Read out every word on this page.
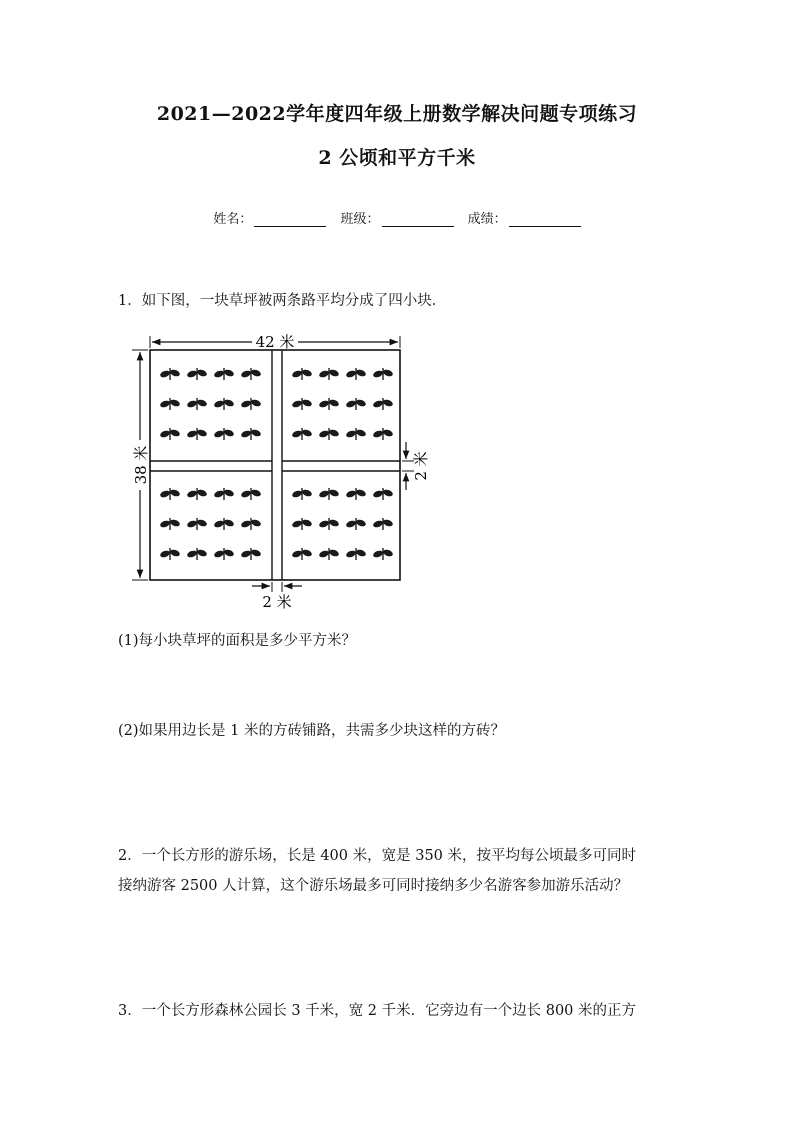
2021—2022学年度四年级上册数学解决问题专项练习
2 公顷和平方千米
姓名：	班级：	成绩：
1．如下图，一块草坪被两条路平均分成了四小块．
42 米
38 米	2 米
2 米
(1)每小块草坪的面积是多少平方米？
(2)如果用边长是 1 米的方砖铺路，共需多少块这样的方砖？
2．一个长方形的游乐场，长是 400 米，宽是 350 米，按平均每公顷最多可同时
接纳游客 2500 人计算，这个游乐场最多可同时接纳多少名游客参加游乐活动？
3．一个长方形森林公园长 3 千米，宽 2 千米．它旁边有一个边长 800 米的正方
